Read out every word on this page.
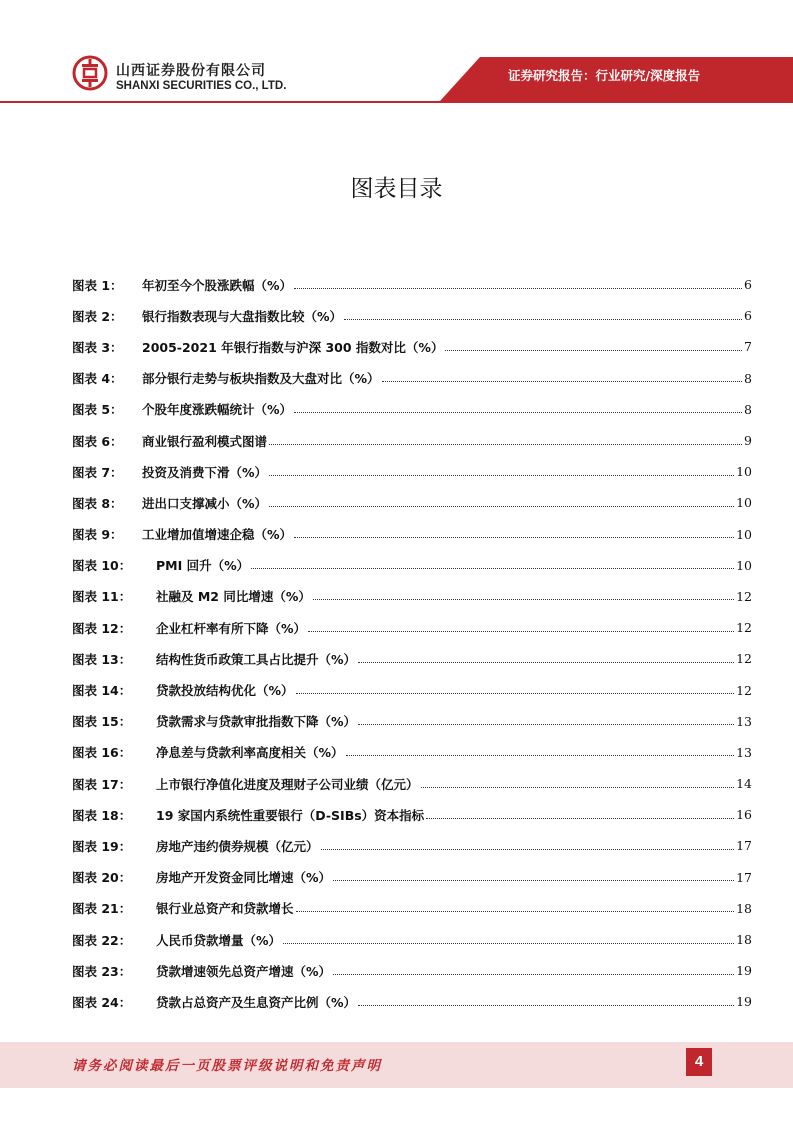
山西证券股份有限公司
SHANXI SECURITIES CO., LTD.
证券研究报告：行业研究/深度报告
图表目录
图表 1：	年初至今个股涨跌幅（%）	6
图表 2：	银行指数表现与大盘指数比较（%）	6
图表 3：	2005-2021 年银行指数与沪深 300 指数对比（%）	7
图表 4：	部分银行走势与板块指数及大盘对比（%）	8
图表 5：	个股年度涨跌幅统计（%）	8
图表 6：	商业银行盈利模式图谱	9
图表 7：	投资及消费下滑（%）	10
图表 8：	进出口支撑减小（%）	10
图表 9：	工业增加值增速企稳（%）	10
图表 10：	PMI 回升（%）	10
图表 11：	社融及 M2 同比增速（%）	12
图表 12：	企业杠杆率有所下降（%）	12
图表 13：	结构性货币政策工具占比提升（%）	12
图表 14：	贷款投放结构优化（%）	12
图表 15：	贷款需求与贷款审批指数下降（%）	13
图表 16：	净息差与贷款利率高度相关（%）	13
图表 17：	上市银行净值化进度及理财子公司业绩（亿元）	14
图表 18：	19 家国内系统性重要银行（D-SIBs）资本指标	16
图表 19：	房地产违约债券规模（亿元）	17
图表 20：	房地产开发资金同比增速（%）	17
图表 21：	银行业总资产和贷款增长	18
图表 22：	人民币贷款增量（%）	18
图表 23：	贷款增速领先总资产增速（%）	19
图表 24：	贷款占总资产及生息资产比例（%）	19
请务必阅读最后一页股票评级说明和免责声明	4
